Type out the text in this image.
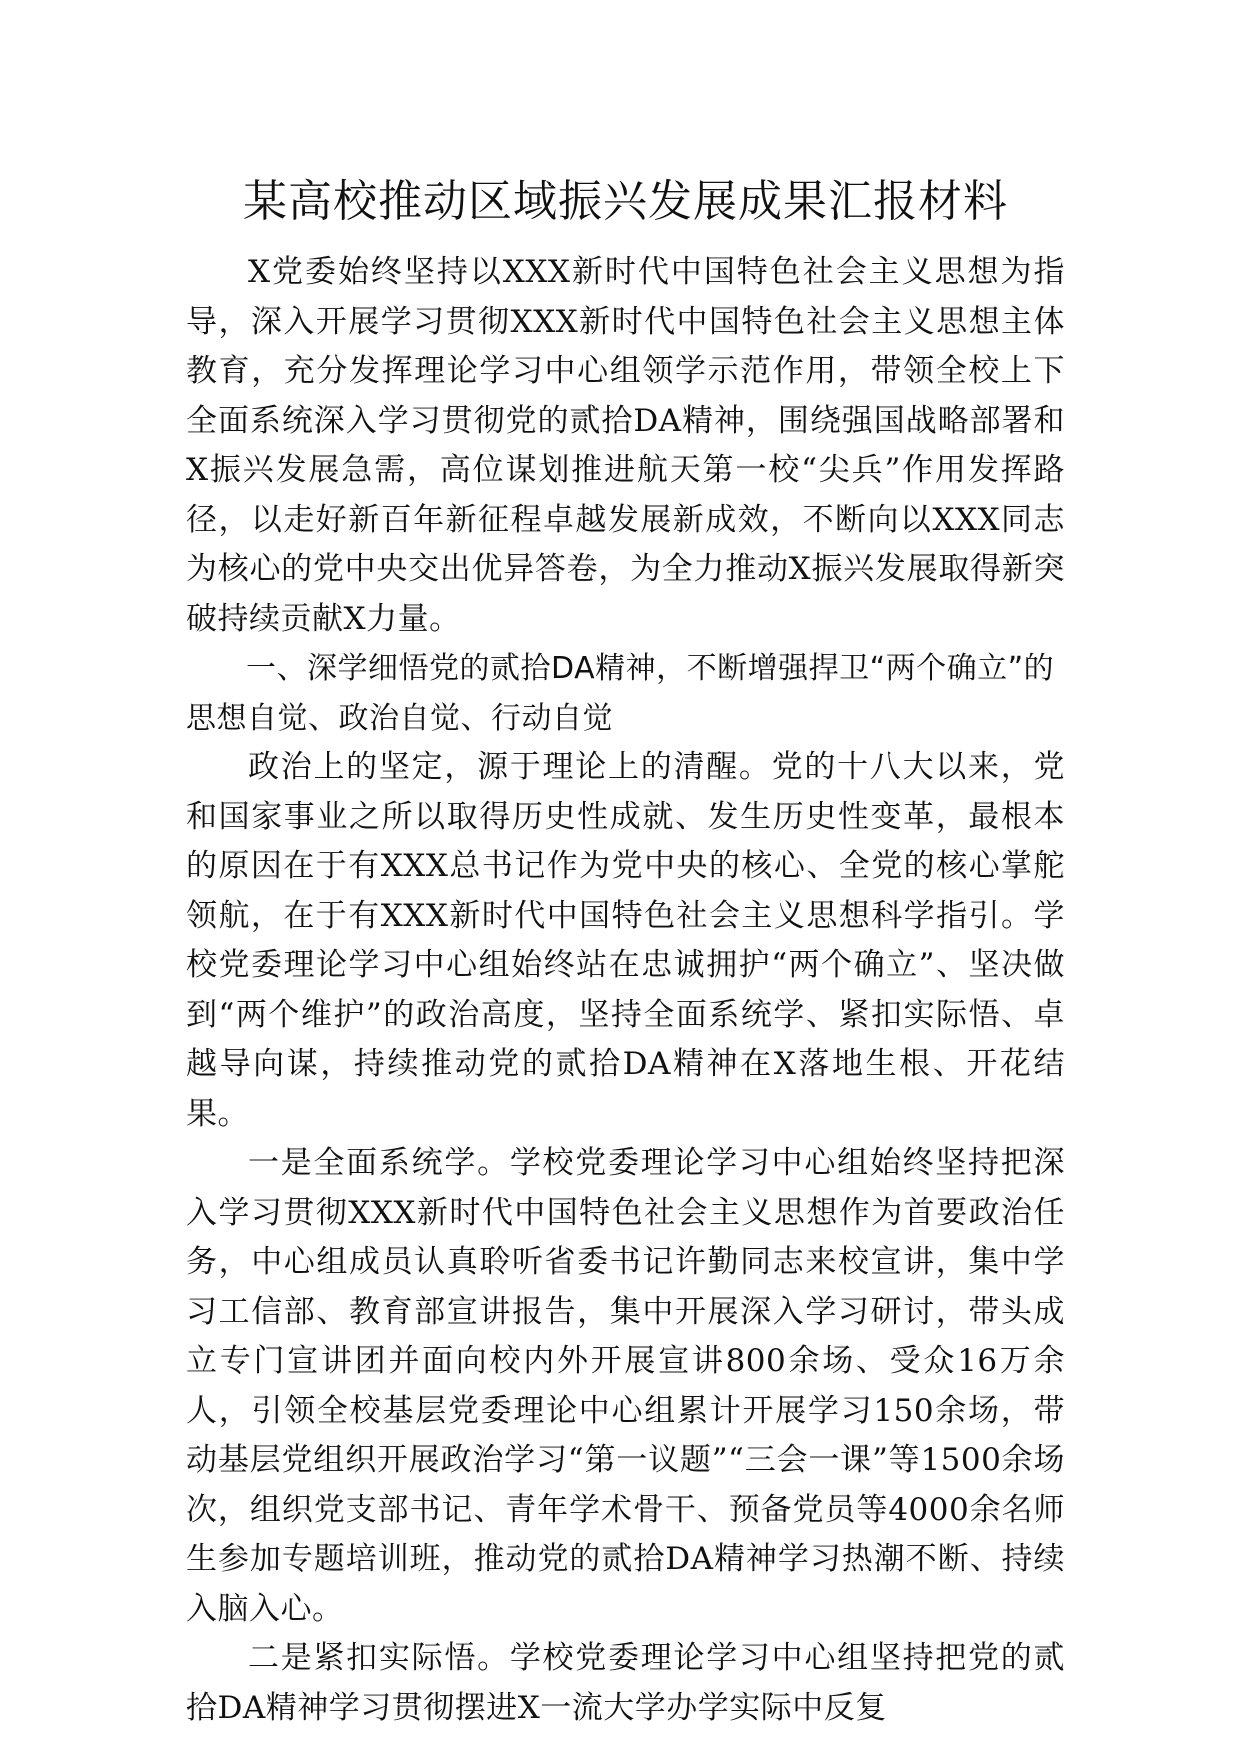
某高校推动区域振兴发展成果汇报材料

X党委始终坚持以XXX新时代中国特色社会主义思想为指导，深入开展学习贯彻XXX新时代中国特色社会主义思想主体教育，充分发挥理论学习中心组领学示范作用，带领全校上下全面系统深入学习贯彻党的贰拾DA精神，围绕强国战略部署和X振兴发展急需，高位谋划推进航天第一校“尖兵”作用发挥路径，以走好新百年新征程卓越发展新成效，不断向以XXX同志为核心的党中央交出优异答卷，为全力推动X振兴发展取得新突破持续贡献X力量。

一、深学细悟党的贰拾DA精神，不断增强捍卫“两个确立”的思想自觉、政治自觉、行动自觉

政治上的坚定，源于理论上的清醒。党的十八大以来，党和国家事业之所以取得历史性成就、发生历史性变革，最根本的原因在于有XXX总书记作为党中央的核心、全党的核心掌舵领航，在于有XXX新时代中国特色社会主义思想科学指引。学校党委理论学习中心组始终站在忠诚拥护“两个确立”、坚决做到“两个维护”的政治高度，坚持全面系统学、紧扣实际悟、卓越导向谋，持续推动党的贰拾DA精神在X落地生根、开花结果。

一是全面系统学。学校党委理论学习中心组始终坚持把深入学习贯彻XXX新时代中国特色社会主义思想作为首要政治任务，中心组成员认真聆听省委书记许勤同志来校宣讲，集中学习工信部、教育部宣讲报告，集中开展深入学习研讨，带头成立专门宣讲团并面向校内外开展宣讲800余场、受众16万余人，引领全校基层党委理论中心组累计开展学习150余场，带动基层党组织开展政治学习“第一议题”“三会一课”等1500余场次，组织党支部书记、青年学术骨干、预备党员等4000余名师生参加专题培训班，推动党的贰拾DA精神学习热潮不断、持续入脑入心。

二是紧扣实际悟。学校党委理论学习中心组坚持把党的贰拾DA精神学习贯彻摆进X一流大学办学实际中反复
